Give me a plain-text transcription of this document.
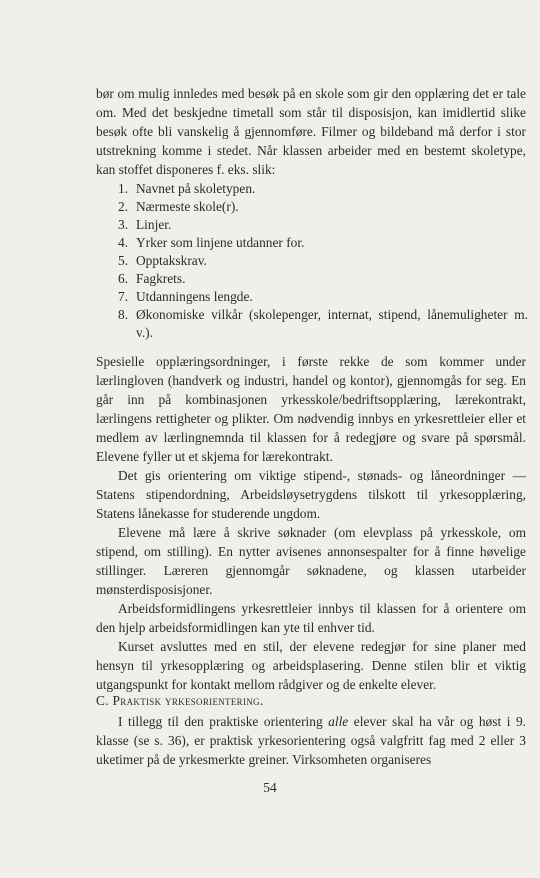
bør om mulig innledes med besøk på en skole som gir den opplæring det er tale om. Med det beskjedne timetall som står til disposisjon, kan imidlertid slike besøk ofte bli vanskelig å gjennomføre. Filmer og bildeband må derfor i stor utstrekning komme i stedet. Når klassen arbeider med en bestemt skoletype, kan stoffet disponeres f. eks. slik:

1. Navnet på skoletypen.
2. Nærmeste skole(r).
3. Linjer.
4. Yrker som linjene utdanner for.
5. Opptakskrav.
6. Fagkrets.
7. Utdanningens lengde.
8. Økonomiske vilkår (skolepenger, internat, stipend, lånemuligheter m. v.).

Spesielle opplæringsordninger, i første rekke de som kommer under lærlingloven (handverk og industri, handel og kontor), gjennomgås for seg. En går inn på kombinasjonen yrkesskole/bedriftsopplæring, lærekontrakt, lærlingens rettigheter og plikter. Om nødvendig innbys en yrkesrettleier eller et medlem av lærlingnemnda til klassen for å redegjøre og svare på spørsmål. Elevene fyller ut et skjema for lærekontrakt.

Det gis orientering om viktige stipend-, stønads- og låneordninger — Statens stipendordning, Arbeidsløysetrygdens tilskott til yrkesopplæring, Statens lånekasse for studerende ungdom.

Elevene må lære å skrive søknader (om elevplass på yrkesskole, om stipend, om stilling). En nytter avisenes annonsespalter for å finne høvelige stillinger. Læreren gjennomgår søknadene, og klassen utarbeider mønsterdisposisjoner.

Arbeidsformidlingens yrkesrettleier innbys til klassen for å orientere om den hjelp arbeidsformidlingen kan yte til enhver tid.

Kurset avsluttes med en stil, der elevene redegjør for sine planer med hensyn til yrkesopplæring og arbeidsplasering. Denne stilen blir et viktig utgangspunkt for kontakt mellom rådgiver og de enkelte elever.

C. Praktisk yrkesorientering.

I tillegg til den praktiske orientering alle elever skal ha vår og høst i 9. klasse (se s. 36), er praktisk yrkesorientering også valgfritt fag med 2 eller 3 uketimer på de yrkesmerkte greiner. Virksomheten organiseres

54
